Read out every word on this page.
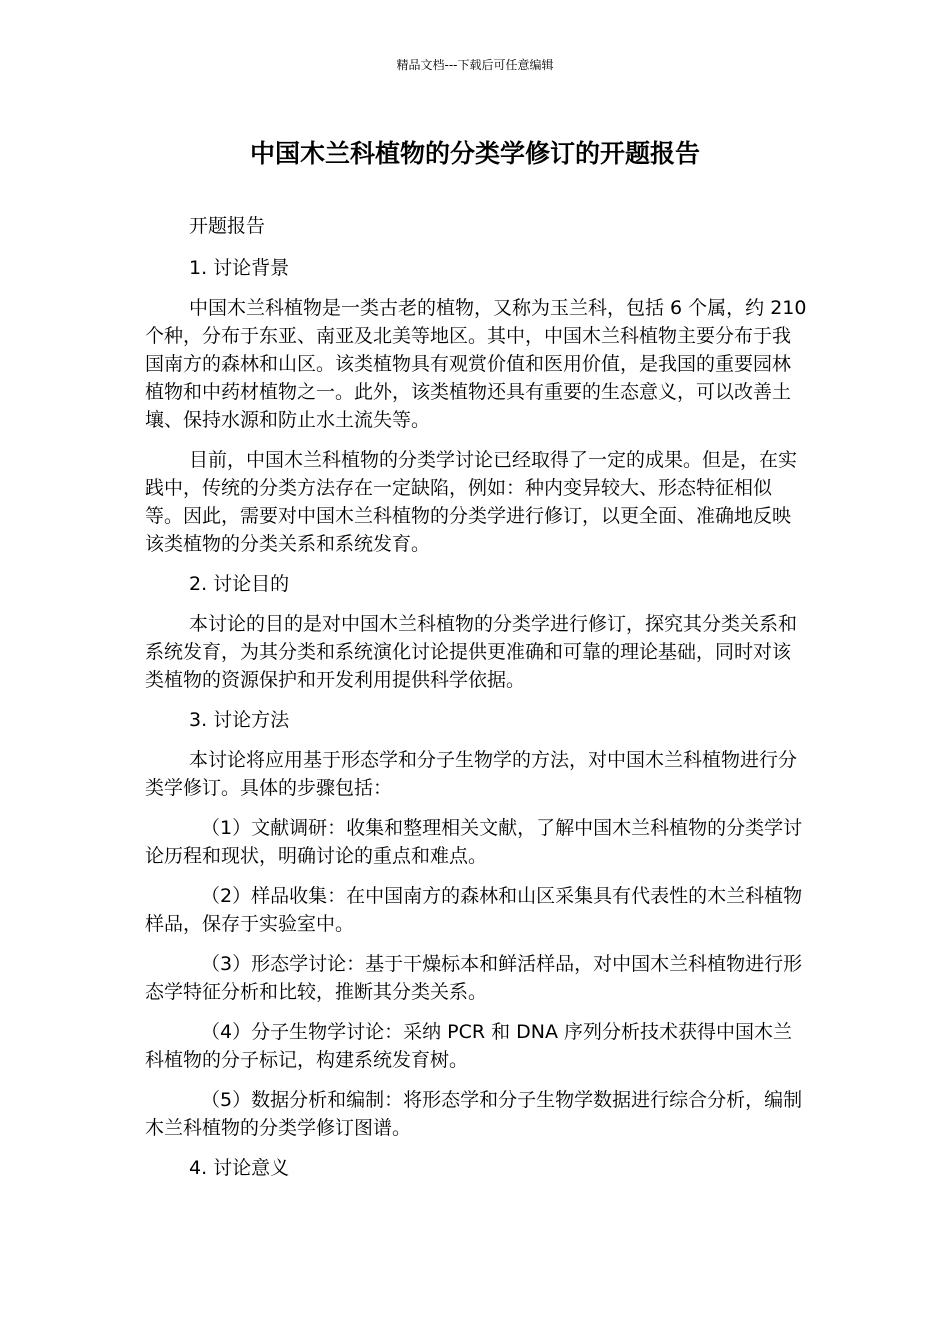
精品文档---下载后可任意编辑
中国木兰科植物的分类学修订的开题报告

开题报告

1. 讨论背景

中国木兰科植物是一类古老的植物，又称为玉兰科，包括 6 个属，约 210 个种，分布于东亚、南亚及北美等地区。其中，中国木兰科植物主要分布于我国南方的森林和山区。该类植物具有观赏价值和医用价值，是我国的重要园林植物和中药材植物之一。此外，该类植物还具有重要的生态意义，可以改善土壤、保持水源和防止水土流失等。

目前，中国木兰科植物的分类学讨论已经取得了一定的成果。但是，在实践中，传统的分类方法存在一定缺陷，例如：种内变异较大、形态特征相似等。因此，需要对中国木兰科植物的分类学进行修订，以更全面、准确地反映该类植物的分类关系和系统发育。

2. 讨论目的

本讨论的目的是对中国木兰科植物的分类学进行修订，探究其分类关系和系统发育，为其分类和系统演化讨论提供更准确和可靠的理论基础，同时对该类植物的资源保护和开发利用提供科学依据。

3. 讨论方法

本讨论将应用基于形态学和分子生物学的方法，对中国木兰科植物进行分类学修订。具体的步骤包括：

（1）文献调研：收集和整理相关文献，了解中国木兰科植物的分类学讨论历程和现状，明确讨论的重点和难点。

（2）样品收集：在中国南方的森林和山区采集具有代表性的木兰科植物样品，保存于实验室中。

（3）形态学讨论：基于干燥标本和鲜活样品，对中国木兰科植物进行形态学特征分析和比较，推断其分类关系。

（4）分子生物学讨论：采纳 PCR 和 DNA 序列分析技术获得中国木兰科植物的分子标记，构建系统发育树。

（5）数据分析和编制：将形态学和分子生物学数据进行综合分析，编制木兰科植物的分类学修订图谱。

4. 讨论意义
